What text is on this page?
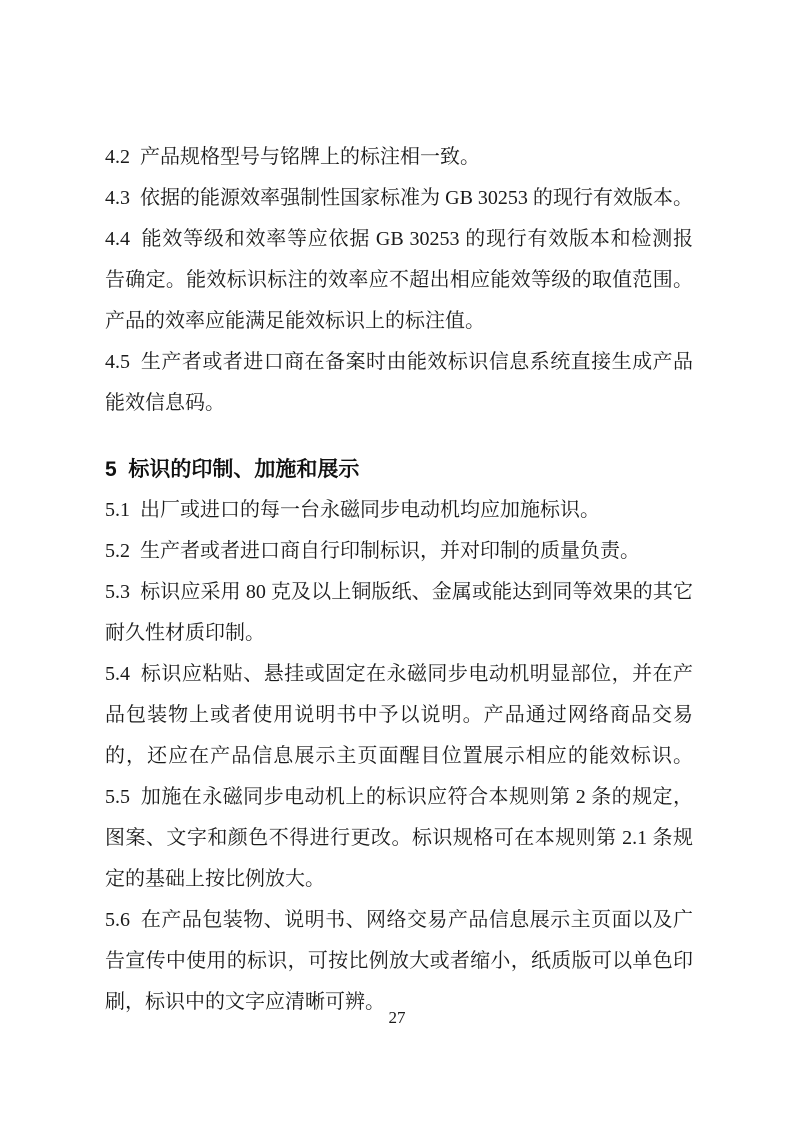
4.2  产品规格型号与铭牌上的标注相一致。
4.3  依据的能源效率强制性国家标准为 GB 30253 的现行有效版本。
4.4  能效等级和效率等应依据 GB 30253 的现行有效版本和检测报
告确定。能效标识标注的效率应不超出相应能效等级的取值范围。
产品的效率应能满足能效标识上的标注值。
4.5  生产者或者进口商在备案时由能效标识信息系统直接生成产品
能效信息码。
5  标识的印制、加施和展示
5.1  出厂或进口的每一台永磁同步电动机均应加施标识。
5.2  生产者或者进口商自行印制标识，并对印制的质量负责。
5.3  标识应采用 80 克及以上铜版纸、金属或能达到同等效果的其它
耐久性材质印制。
5.4  标识应粘贴、悬挂或固定在永磁同步电动机明显部位，并在产
品包装物上或者使用说明书中予以说明。产品通过网络商品交易
的，还应在产品信息展示主页面醒目位置展示相应的能效标识。
5.5  加施在永磁同步电动机上的标识应符合本规则第 2 条的规定，
图案、文字和颜色不得进行更改。标识规格可在本规则第 2.1 条规
定的基础上按比例放大。
5.6  在产品包装物、说明书、网络交易产品信息展示主页面以及广
告宣传中使用的标识，可按比例放大或者缩小，纸质版可以单色印
刷，标识中的文字应清晰可辨。
27
